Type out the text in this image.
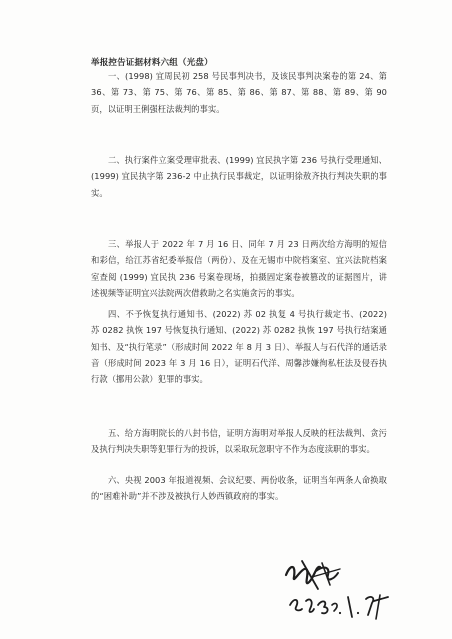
举报控告证据材料六组（光盘）
一、(1998) 宜周民初 258 号民事判决书，及该民事判决案卷的第 24、第 36、第 73、第 75、第 76、第 85、第 86、第 87、第 88、第 89、第 90 页，以证明王俐强枉法裁判的事实。
二、执行案件立案受理审批表、(1999) 宜民执字第 236 号执行受理通知、(1999) 宜民执字第 236-2 中止执行民事裁定，以证明徐敖齐执行判决失职的事实。
三、举报人于 2022 年 7 月 16 日、同年 7 月 23 日两次给方海明的短信和彩信，给江苏省纪委举报信（两份）、及在无锡市中院档案室、宜兴法院档案室查阅 (1999) 宜民执 236 号案卷现场，拍摄固定案卷被篡改的证据图片，讲述视频等证明宜兴法院两次借救助之名实施贪污的事实。
四、不予恢复执行通知书、(2022) 苏 02 执复 4 号执行裁定书、(2022) 苏 0282 执恢 197 号恢复执行通知、(2022) 苏 0282 执恢 197 号执行结案通知书、及“执行笔录”（形成时间 2022 年 8 月 3 日）、举报人与石代洋的通话录音（形成时间 2023 年 3 月 16 日），证明石代洋、周馨涉嫌徇私枉法及侵吞执行款（挪用公款）犯罪的事实。
五、给方海明院长的八封书信，证明方海明对举报人反映的枉法裁判、贪污及执行判决失职等犯罪行为的投诉，以采取玩忽职守不作为态度渎职的事实。
六、央视 2003 年报道视频、会议纪要、两份收条，证明当年两条人命换取的“困难补助”并不涉及被执行人妙西镇政府的事实。
